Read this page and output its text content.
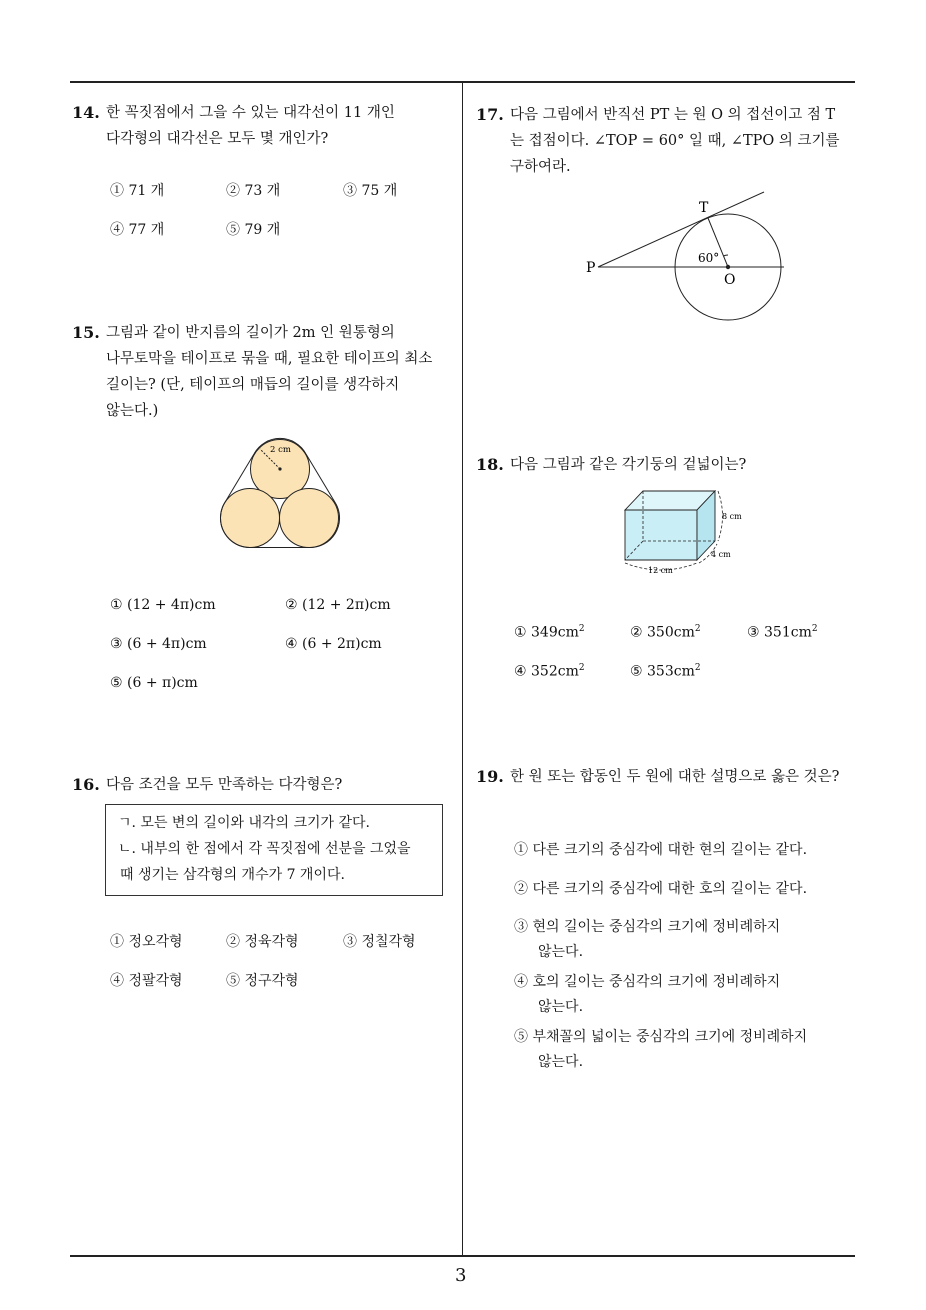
3
14. 한 꼭짓점에서 그을 수 있는 대각선이 11 개인
다각형의 대각선은 모두 몇 개인가?
① 71 개	② 73 개	③ 75 개
④ 77 개	⑤ 79 개
15. 그림과 같이 반지름의 길이가 2m 인 원통형의
나무토막을 테이프로 묶을 때, 필요한 테이프의 최소
길이는? (단, 테이프의 매듭의 길이를 생각하지
않는다.)
2 cm
① (12 + 4π)cm	② (12 + 2π)cm
③ (6 + 4π)cm	④ (6 + 2π)cm
⑤ (6 + π)cm
16. 다음 조건을 모두 만족하는 다각형은?
ㄱ. 모든 변의 길이와 내각의 크기가 같다.
ㄴ. 내부의 한 점에서 각 꼭짓점에 선분을 그었을
때 생기는 삼각형의 개수가 7 개이다.
① 정오각형	② 정육각형	③ 정칠각형
④ 정팔각형	⑤ 정구각형
17. 다음 그림에서 반직선 PT 는 원 O 의 접선이고 점 T
는 접점이다. ∠TOP = 60° 일 때, ∠TPO 의 크기를
구하여라.
P
T
O
60°
18. 다음 그림과 같은 각기둥의 겉넓이는?
8 cm
4 cm
12 cm
① $349cm^2$	② $350cm^2$	③ $351cm^2$
④ $352cm^2$	⑤ $353cm^2$
19. 한 원 또는 합동인 두 원에 대한 설명으로 옳은 것은?
① 다른 크기의 중심각에 대한 현의 길이는 같다.
② 다른 크기의 중심각에 대한 호의 길이는 같다.
③ 현의 길이는 중심각의 크기에 정비례하지
않는다.
④ 호의 길이는 중심각의 크기에 정비례하지
않는다.
⑤ 부채꼴의 넓이는 중심각의 크기에 정비례하지
않는다.
